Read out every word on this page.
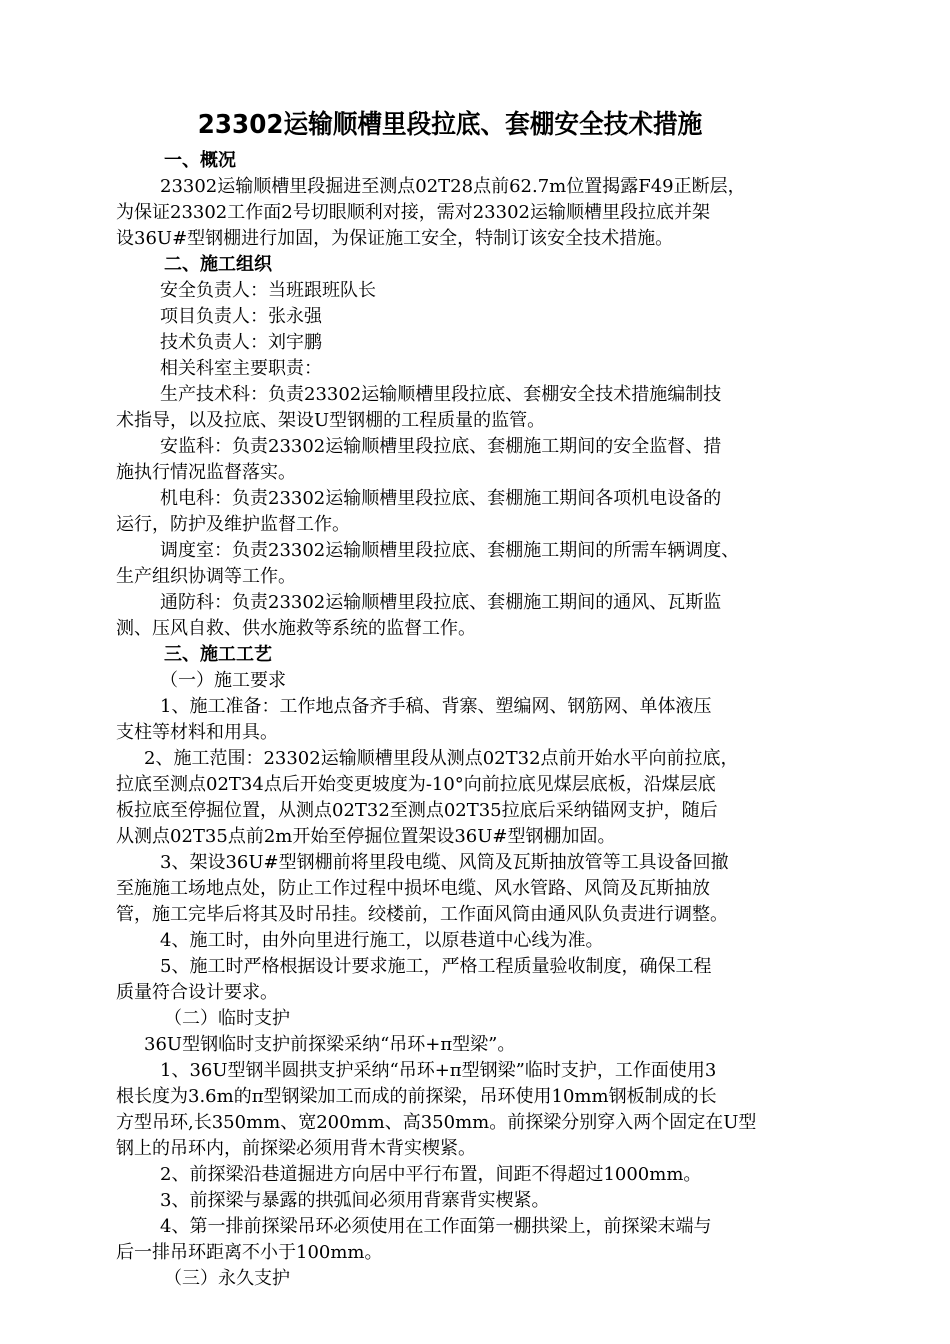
23302运输顺槽里段拉底、套棚安全技术措施
一、概况
23302运输顺槽里段掘进至测点02T28点前62.7m位置揭露F49正断层，
为保证23302工作面2号切眼顺利对接，需对23302运输顺槽里段拉底并架
设36U#型钢棚进行加固，为保证施工安全，特制订该安全技术措施。
二、施工组织
安全负责人：当班跟班队长
项目负责人：张永强
技术负责人：刘宇鹏
相关科室主要职责：
生产技术科：负责23302运输顺槽里段拉底、套棚安全技术措施编制技
术指导，以及拉底、架设U型钢棚的工程质量的监管。
安监科：负责23302运输顺槽里段拉底、套棚施工期间的安全监督、措
施执行情况监督落实。
机电科：负责23302运输顺槽里段拉底、套棚施工期间各项机电设备的
运行，防护及维护监督工作。
调度室：负责23302运输顺槽里段拉底、套棚施工期间的所需车辆调度、
生产组织协调等工作。
通防科：负责23302运输顺槽里段拉底、套棚施工期间的通风、瓦斯监
测、压风自救、供水施救等系统的监督工作。
三、施工工艺
（一）施工要求
1、施工准备：工作地点备齐手稿、背寨、塑编网、钢筋网、单体液压
支柱等材料和用具。
2、施工范围：23302运输顺槽里段从测点02T32点前开始水平向前拉底，
拉底至测点02T34点后开始变更坡度为-10°向前拉底见煤层底板，沿煤层底
板拉底至停掘位置，从测点02T32至测点02T35拉底后采纳锚网支护，随后
从测点02T35点前2m开始至停掘位置架设36U#型钢棚加固。
3、架设36U#型钢棚前将里段电缆、风筒及瓦斯抽放管等工具设备回撤
至施施工场地点处，防止工作过程中损坏电缆、风水管路、风筒及瓦斯抽放
管，施工完毕后将其及时吊挂。绞楼前，工作面风筒由通风队负责进行调整。
4、施工时，由外向里进行施工，以原巷道中心线为准。
5、施工时严格根据设计要求施工，严格工程质量验收制度，确保工程
质量符合设计要求。
（二）临时支护
36U型钢临时支护前探梁采纳“吊环+π型梁”。
1、36U型钢半圆拱支护采纳“吊环+π型钢梁”临时支护，工作面使用3
根长度为3.6m的π型钢梁加工而成的前探梁，吊环使用10mm钢板制成的长
方型吊环,长350mm、宽200mm、高350mm。前探梁分别穿入两个固定在U型
钢上的吊环内，前探梁必须用背木背实楔紧。
2、前探梁沿巷道掘进方向居中平行布置，间距不得超过1000mm。
3、前探梁与暴露的拱弧间必须用背寨背实楔紧。
4、第一排前探梁吊环必须使用在工作面第一棚拱梁上，前探梁末端与
后一排吊环距离不小于100mm。
（三）永久支护
